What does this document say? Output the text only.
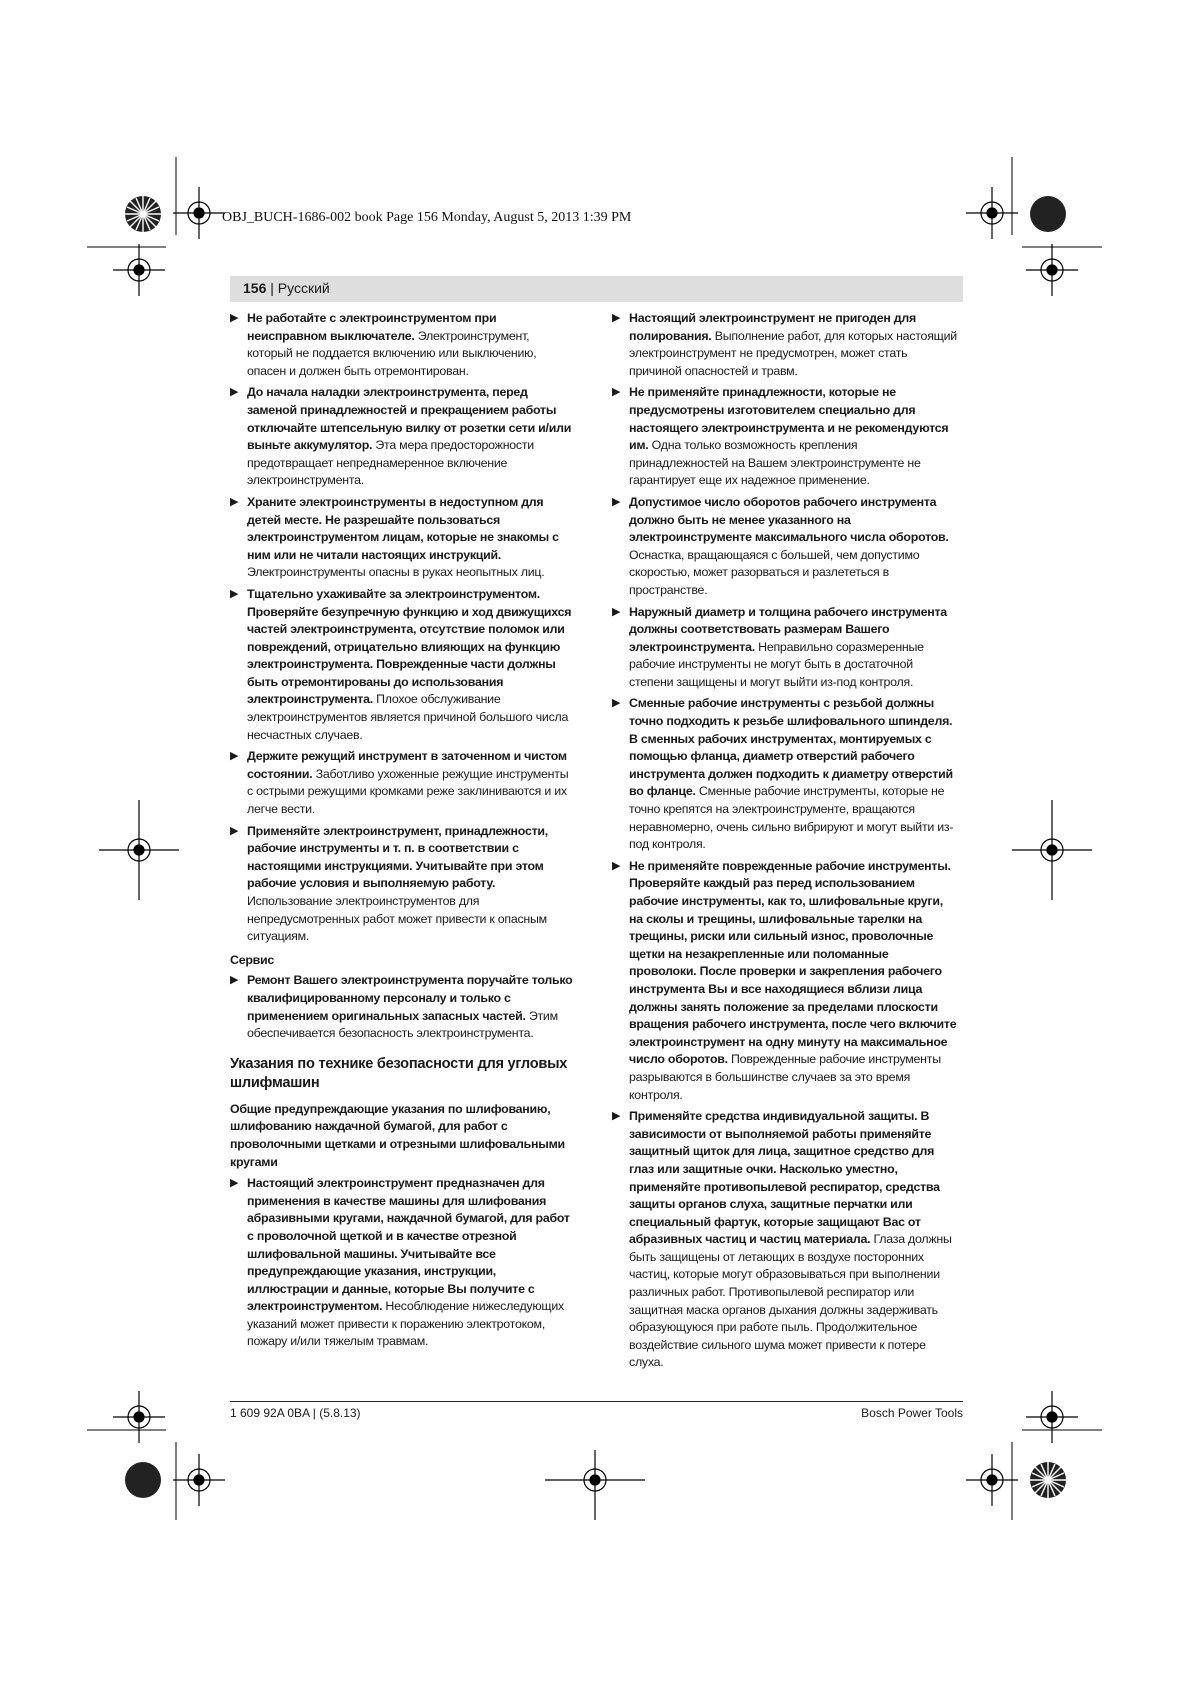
OBJ_BUCH-1686-002 book Page 156 Monday, August 5, 2013 1:39 PM
156 | Русский
▶ Не работайте с электроинструментом при неисправном выключателе. Электроинструмент, который не поддается включению или выключению, опасен и должен быть отремонтирован.
▶ До начала наладки электроинструмента, перед заменой принадлежностей и прекращением работы отключайте штепсельную вилку от розетки сети и/или выньте аккумулятор. Эта мера предосторожности предотвращает непреднамеренное включение электроинструмента.
▶ Храните электроинструменты в недоступном для детей месте. Не разрешайте пользоваться электроинструментом лицам, которые не знакомы с ним или не читали настоящих инструкций. Электроинструменты опасны в руках неопытных лиц.
▶ Тщательно ухаживайте за электроинструментом. Проверяйте безупречную функцию и ход движущихся частей электроинструмента, отсутствие поломок или повреждений, отрицательно влияющих на функцию электроинструмента. Поврежденные части должны быть отремонтированы до использования электроинструмента. Плохое обслуживание электроинструментов является причиной большого числа несчастных случаев.
▶ Держите режущий инструмент в заточенном и чистом состоянии. Заботливо ухоженные режущие инструменты с острыми режущими кромками реже заклиниваются и их легче вести.
▶ Применяйте электроинструмент, принадлежности, рабочие инструменты и т. п. в соответствии с настоящими инструкциями. Учитывайте при этом рабочие условия и выполняемую работу. Использование электроинструментов для непредусмотренных работ может привести к опасным ситуациям.
Сервис
▶ Ремонт Вашего электроинструмента поручайте только квалифицированному персоналу и только с применением оригинальных запасных частей. Этим обеспечивается безопасность электроинструмента.
Указания по технике безопасности для угловых шлифмашин
Общие предупреждающие указания по шлифованию, шлифованию наждачной бумагой, для работ с проволочными щетками и отрезными шлифовальными кругами
▶ Настоящий электроинструмент предназначен для применения в качестве машины для шлифования абразивными кругами, наждачной бумагой, для работ с проволочной щеткой и в качестве отрезной шлифовальной машины. Учитывайте все предупреждающие указания, инструкции, иллюстрации и данные, которые Вы получите с электроинструментом. Несоблюдение нижеследующих указаний может привести к поражению электротоком, пожару и/или тяжелым травмам.
▶ Настоящий электроинструмент не пригоден для полирования. Выполнение работ, для которых настоящий электроинструмент не предусмотрен, может стать причиной опасностей и травм.
▶ Не применяйте принадлежности, которые не предусмотрены изготовителем специально для настоящего электроинструмента и не рекомендуются им. Одна только возможность крепления принадлежностей на Вашем электроинструменте не гарантирует еще их надежное применение.
▶ Допустимое число оборотов рабочего инструмента должно быть не менее указанного на электроинструменте максимального числа оборотов. Оснастка, вращающаяся с большей, чем допустимо скоростью, может разорваться и разлететься в пространстве.
▶ Наружный диаметр и толщина рабочего инструмента должны соответствовать размерам Вашего электроинструмента. Неправильно соразмеренные рабочие инструменты не могут быть в достаточной степени защищены и могут выйти из-под контроля.
▶ Сменные рабочие инструменты с резьбой должны точно подходить к резьбе шлифовального шпинделя. В сменных рабочих инструментах, монтируемых с помощью фланца, диаметр отверстий рабочего инструмента должен подходить к диаметру отверстий во фланце. Сменные рабочие инструменты, которые не точно крепятся на электроинструменте, вращаются неравномерно, очень сильно вибрируют и могут выйти из-под контроля.
▶ Не применяйте поврежденные рабочие инструменты. Проверяйте каждый раз перед использованием рабочие инструменты, как то, шлифовальные круги, на сколы и трещины, шлифовальные тарелки на трещины, риски или сильный износ, проволочные щетки на незакрепленные или поломанные проволоки. После проверки и закрепления рабочего инструмента Вы и все находящиеся вблизи лица должны занять положение за пределами плоскости вращения рабочего инструмента, после чего включите электроинструмент на одну минуту на максимальное число оборотов. Поврежденные рабочие инструменты разрываются в большинстве случаев за это время контроля.
▶ Применяйте средства индивидуальной защиты. В зависимости от выполняемой работы применяйте защитный щиток для лица, защитное средство для глаз или защитные очки. Насколько уместно, применяйте противопылевой респиратор, средства защиты органов слуха, защитные перчатки или специальный фартук, которые защищают Вас от абразивных частиц и частиц материала. Глаза должны быть защищены от летающих в воздухе посторонних частиц, которые могут образовываться при выполнении различных работ. Противопылевой респиратор или защитная маска органов дыхания должны задерживать образующуюся при работе пыль. Продолжительное воздействие сильного шума может привести к потере слуха.
1 609 92A 0BA | (5.8.13)	Bosch Power Tools
